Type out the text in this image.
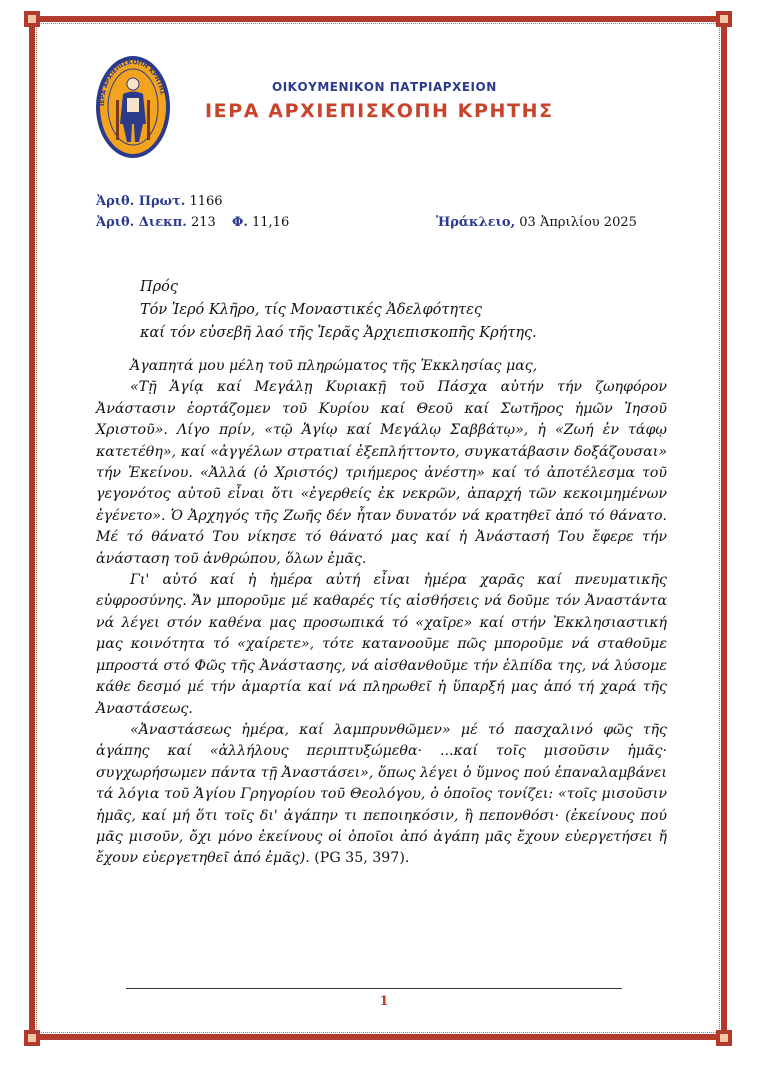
ΙΕΡΑ ΑΡΧΙΕΠΙΣΚΟΠΗ ΚΡΗΤΗΣ	ΟΙΚΟΥΜΕΝΙΚΟΝ ΠΑΤΡΙΑΡΧΕΙΟΝ
ΙΕΡΑ ΑΡΧΙΕΠΙΣΚΟΠΗ ΚΡΗΤΗΣ
Ἀριθ. Πρωτ. 1166
Ἀριθ. Διεκπ. 213 Φ. 11,16	Ἡράκλειο, 03 Ἀπριλίου 2025
Πρός
Τόν Ἱερό Κλῆρο, τίς Μοναστικές Ἀδελφότητες
καί τόν εὐσεβῆ λαό τῆς Ἱερᾶς Ἀρχιεπισκοπῆς Κρήτης.

Ἀγαπητά μου μέλη τοῦ πληρώματος τῆς Ἐκκλησίας μας,

«Τῇ Ἁγίᾳ καί Μεγάλῃ Κυριακῇ τοῦ Πάσχα αὐτήν τήν ζωηφόρον Ἀνάστασιν ἑορτάζομεν τοῦ Κυρίου καί Θεοῦ καί Σωτῆρος ἡμῶν Ἰησοῦ Χριστοῦ». Λίγο πρίν, «τῷ Ἁγίῳ καί Μεγάλῳ Σαββάτῳ», ἡ «Ζωή ἐν τάφῳ κατετέθη», καί «ἀγγέλων στρατιαί ἐξεπλήττοντο, συγκατάβασιν δοξάζουσαι» τήν Ἐκείνου. «Ἀλλά (ὁ Χριστός) τριήμερος ἀνέστη» καί τό ἀποτέλεσμα τοῦ γεγονότος αὐτοῦ εἶναι ὅτι «ἐγερθείς ἐκ νεκρῶν, ἀπαρχή τῶν κεκοιμημένων ἐγένετο». Ὁ Ἀρχηγός τῆς Ζωῆς δέν ἦταν δυνατόν νά κρατηθεῖ ἀπό τό θάνατο. Μέ τό θάνατό Του νίκησε τό θάνατό μας καί ἡ Ἀνάστασή Του ἔφερε τήν ἀνάσταση τοῦ ἀνθρώπου, ὅλων ἐμᾶς.

Γι' αὐτό καί ἡ ἡμέρα αὐτή εἶναι ἡμέρα χαρᾶς καί πνευματικῆς εὐφροσύνης. Ἄν μποροῦμε μέ καθαρές τίς αἰσθήσεις νά δοῦμε τόν Ἀναστάντα νά λέγει στόν καθένα μας προσωπικά τό «χαῖρε» καί στήν Ἐκκλησιαστική μας κοινότητα τό «χαίρετε», τότε κατανοοῦμε πῶς μποροῦμε νά σταθοῦμε μπροστά στό Φῶς τῆς Ἀνάστασης, νά αἰσθανθοῦμε τήν ἐλπίδα της, νά λύσομε κάθε δεσμό μέ τήν ἁμαρτία καί νά πληρωθεῖ ἡ ὕπαρξή μας ἀπό τή χαρά τῆς Ἀναστάσεως.

«Ἀναστάσεως ἡμέρα, καί λαμπρυνθῶμεν» μέ τό πασχαλινό φῶς τῆς ἀγάπης καί «ἀλλήλους περιπτυξώμεθα· ...καί τοῖς μισοῦσιν ἡμᾶς· συγχωρήσωμεν πάντα τῇ Ἀναστάσει», ὅπως λέγει ὁ ὕμνος πού ἐπαναλαμβάνει τά λόγια τοῦ Ἁγίου Γρηγορίου τοῦ Θεολόγου, ὁ ὁποῖος τονίζει: «τοῖς μισοῦσιν ἡμᾶς, καί μή ὅτι τοῖς δι' ἀγάπην τι πεποιηκόσιν, ἢ πεπονθόσι· (ἐκείνους πού μᾶς μισοῦν, ὄχι μόνο ἐκείνους οἱ ὁποῖοι ἀπό ἀγάπη μᾶς ἔχουν εὐεργετήσει ἤ ἔχουν εὐεργετηθεῖ ἀπό ἐμᾶς). (PG 35, 397).

1
